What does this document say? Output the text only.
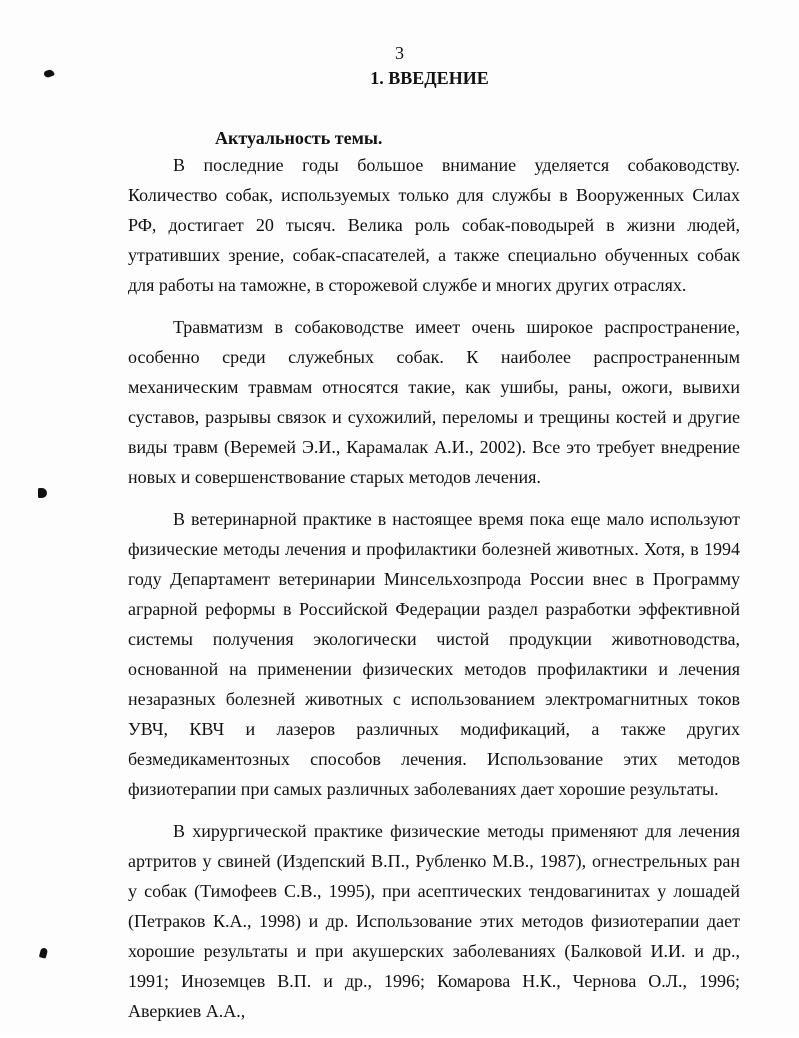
3
1. ВВЕДЕНИЕ
Актуальность темы.

В последние годы большое внимание уделяется собаководству. Количество собак, используемых только для службы в Вооруженных Силах РФ, достигает 20 тысяч. Велика роль собак-поводырей в жизни людей, утративших зрение, собак-спасателей, а также специально обученных собак для работы на таможне, в сторожевой службе и многих других отраслях.

Травматизм в собаководстве имеет очень широкое распространение, особенно среди служебных собак. К наиболее распространенным механическим травмам относятся такие, как ушибы, раны, ожоги, вывихи суставов, разрывы связок и сухожилий, переломы и трещины костей и другие виды травм (Веремей Э.И., Карамалак А.И., 2002). Все это требует внедрение новых и совершенствование старых методов лечения.

В ветеринарной практике в настоящее время пока еще мало используют физические методы лечения и профилактики болезней животных. Хотя, в 1994 году Департамент ветеринарии Минсельхозпрода России внес в Программу аграрной реформы в Российской Федерации раздел разработки эффективной системы получения экологически чистой продукции животноводства, основанной на применении физических методов профилактики и лечения незаразных болезней животных с использованием электромагнитных токов УВЧ, КВЧ и лазеров различных модификаций, а также других безмедикаментозных способов лечения. Использование этих методов физиотерапии при самых различных заболеваниях дает хорошие результаты.

В хирургической практике физические методы применяют для лечения артритов у свиней (Издепский В.П., Рубленко М.В., 1987), огнестрельных ран у собак (Тимофеев С.В., 1995), при асептических тендовагинитах у лошадей (Петраков К.А., 1998) и др. Использование этих методов физиотерапии дает хорошие результаты и при акушерских заболеваниях (Балковой И.И. и др., 1991; Иноземцев В.П. и др., 1996; Комарова Н.К., Чернова О.Л., 1996; Аверкиев А.А.,
